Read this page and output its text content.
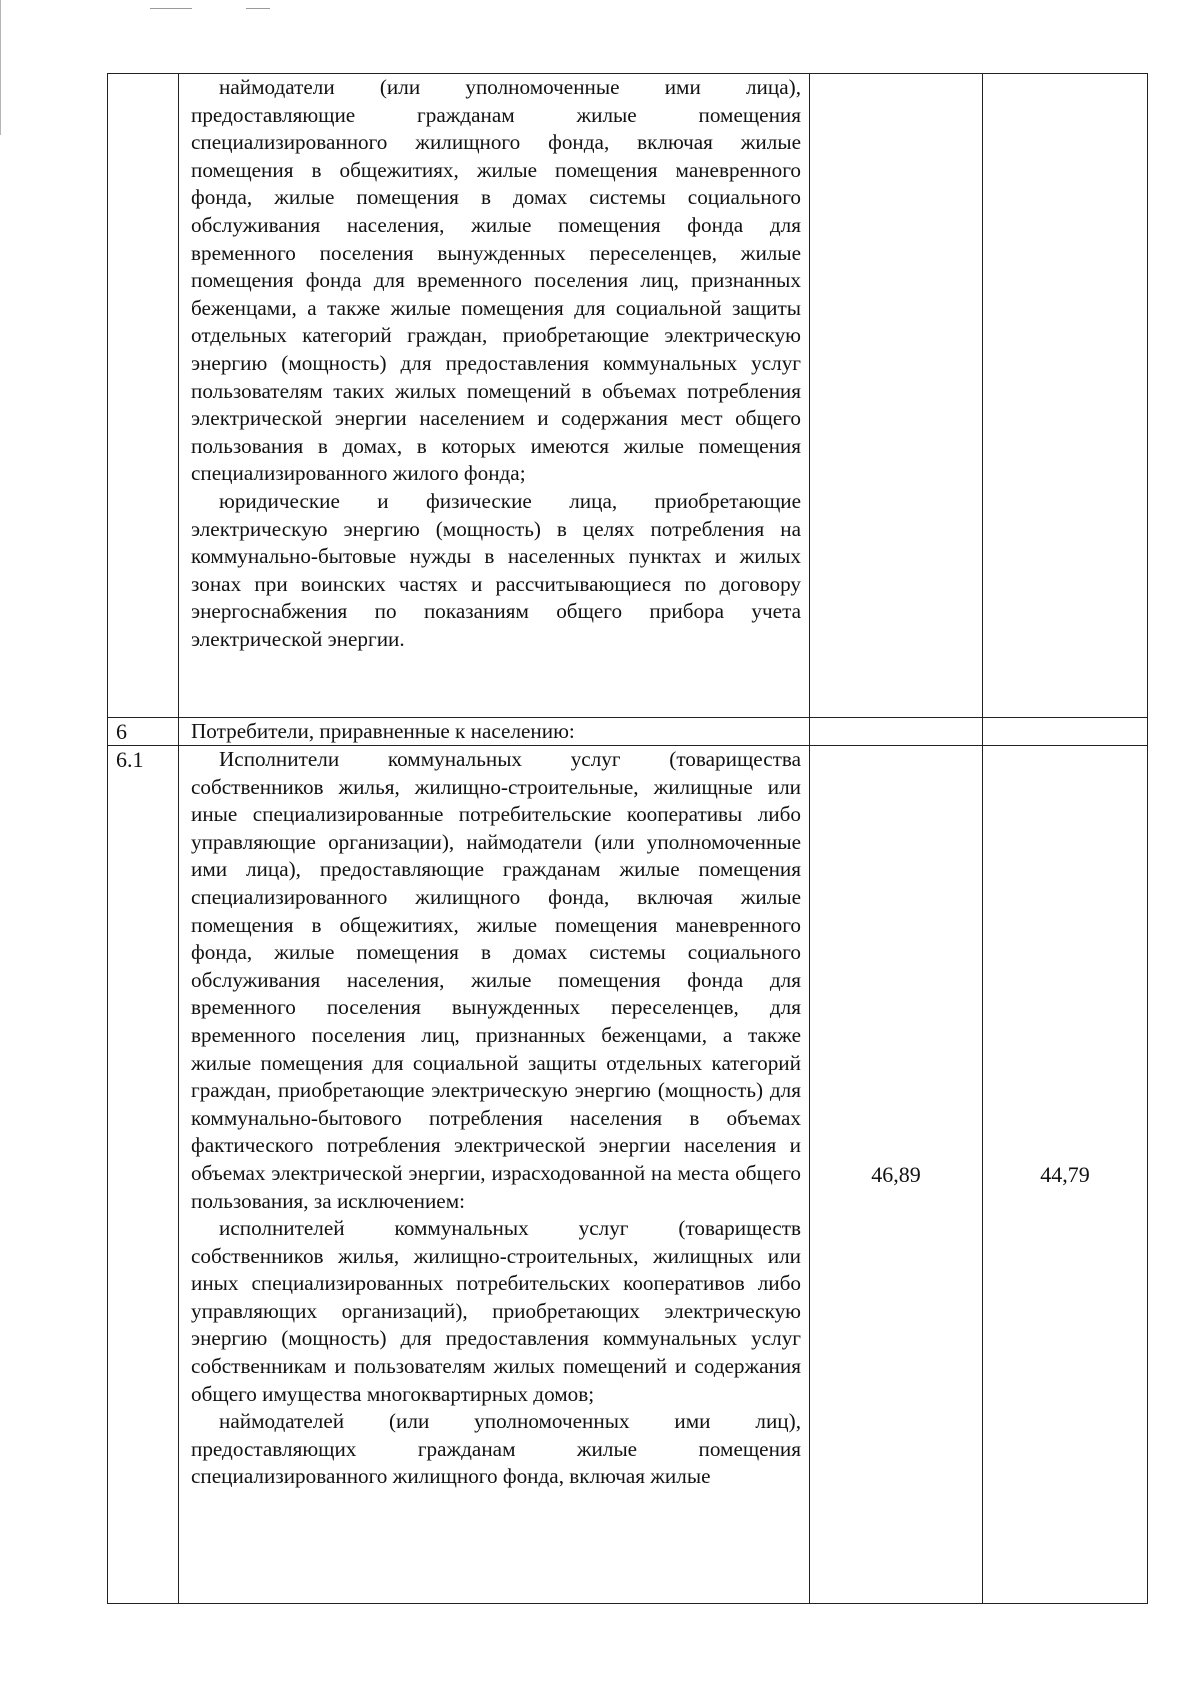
	наймодатели (или уполномоченные ими лица), предоставляющие гражданам жилые помещения специализированного жилищного фонда, включая жилые помещения в общежитиях, жилые помещения маневренного фонда, жилые помещения в домах системы социального обслуживания населения, жилые помещения фонда для временного поселения вынужденных переселенцев, жилые помещения фонда для временного поселения лиц, признанных беженцами, а также жилые помещения для социальной защиты отдельных категорий граждан, приобретающие электрическую энергию (мощность) для предоставления коммунальных услуг пользователям таких жилых помещений в объемах потребления электрической энергии населением и содержания мест общего пользования в домах, в которых имеются жилые помещения специализированного жилого фонда;

юридические и физические лица, приобретающие электрическую энергию (мощность) в целях потребления на коммунально-бытовые нужды в населенных пунктах и жилых зонах при воинских частях и рассчитывающиеся по договору энергоснабжения по показаниям общего прибора учета электрической энергии.		

6	Потребители, приравненные к населению:		

6.1	Исполнители коммунальных услуг (товарищества собственников жилья, жилищно-строительные, жилищные или иные специализированные потребительские кооперативы либо управляющие организации), наймодатели (или уполномоченные ими лица), предоставляющие гражданам жилые помещения специализированного жилищного фонда, включая жилые помещения в общежитиях, жилые помещения маневренного фонда, жилые помещения в домах системы социального обслуживания населения, жилые помещения фонда для временного поселения вынужденных переселенцев, для временного поселения лиц, признанных беженцами, а также жилые помещения для социальной защиты отдельных категорий граждан, приобретающие электрическую энергию (мощность) для коммунально-бытового потребления населения в объемах фактического потребления электрической энергии населения и объемах электрической энергии, израсходованной на места общего пользования, за исключением:

исполнителей коммунальных услуг (товариществ собственников жилья, жилищно-строительных, жилищных или иных специализированных потребительских кооперативов либо управляющих организаций), приобретающих электрическую энергию (мощность) для предоставления коммунальных услуг собственникам и пользователям жилых помещений и содержания общего имущества многоквартирных домов;

наймодателей (или уполномоченных ими лиц), предоставляющих гражданам жилые помещения специализированного жилищного фонда, включая жилые	46,89	44,79
